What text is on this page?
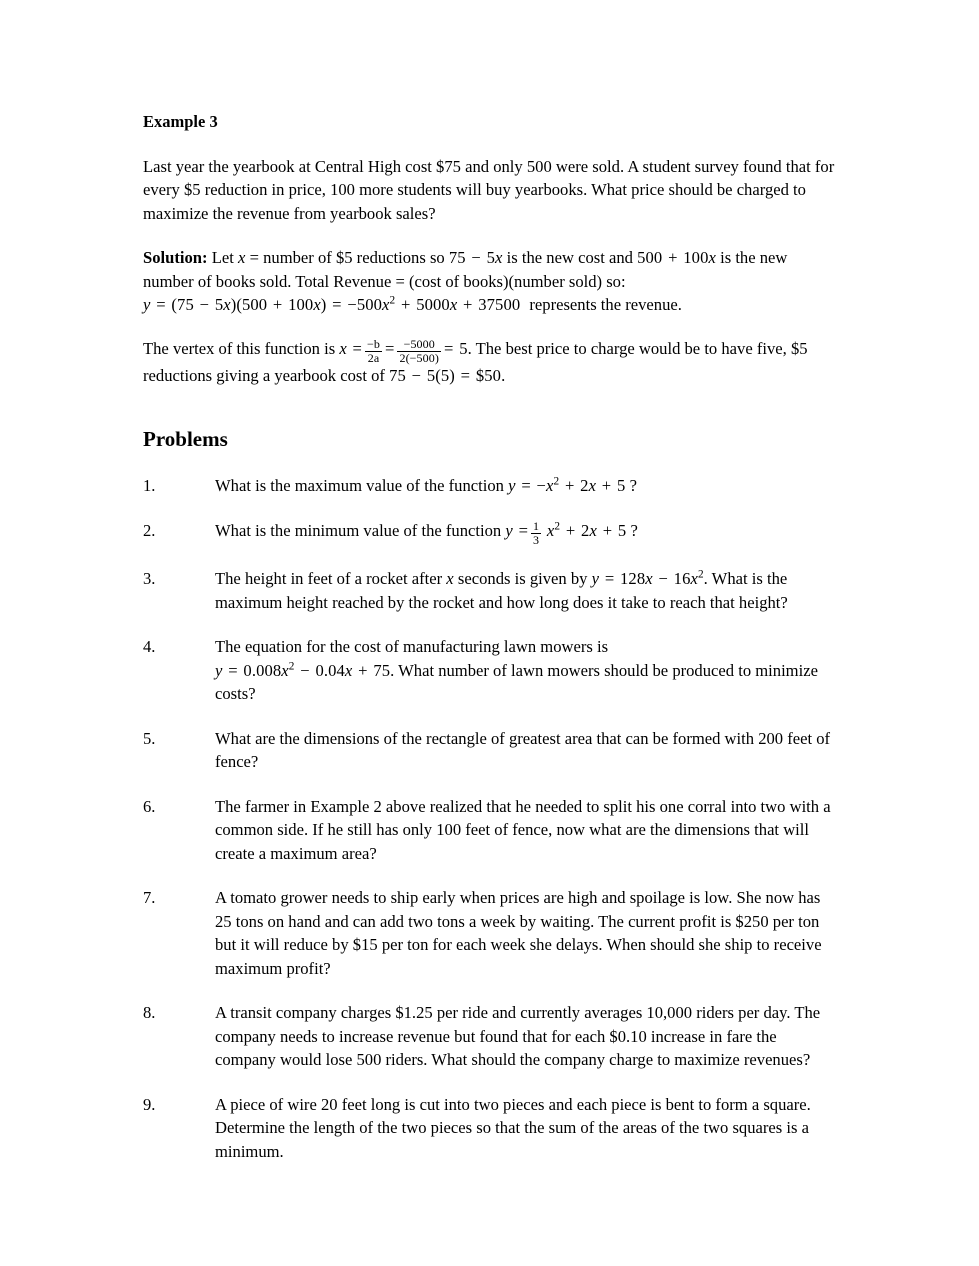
Example 3

Last year the yearbook at Central High cost $75 and only 500 were sold. A student survey found that for every $5 reduction in price, 100 more students will buy yearbooks. What price should be charged to maximize the revenue from yearbook sales?

Solution: Let x = number of $5 reductions so 75 − 5x is the new cost and 500 + 100x is the new number of books sold. Total Revenue = (cost of books)(number sold) so:
$y = (75 - 5x)(500 + 100x) = -500x^2 + 5000x + 37500$ represents the revenue.

The vertex of this function is $x = \frac{-b}{2a} = \frac{-5000}{2(-500)} = 5$. The best price to charge would be to have five, $5 reductions giving a yearbook cost of 75 − 5(5) = $50.

Problems
1.	What is the maximum value of the function $y = -x^2 + 2x + 5$ ?
2.	What is the minimum value of the function $y = \frac{1}{3} x^2 + 2x + 5$ ?
3.	The height in feet of a rocket after x seconds is given by $y = 128x - 16x^2$. What is the maximum height reached by the rocket and how long does it take to reach that height?
4.	The equation for the cost of manufacturing lawn mowers is
$y = 0.008x^2 - 0.04x + 75$. What number of lawn mowers should be produced to minimize costs?
5.	What are the dimensions of the rectangle of greatest area that can be formed with 200 feet of fence?
6.	The farmer in Example 2 above realized that he needed to split his one corral into two with a common side. If he still has only 100 feet of fence, now what are the dimensions that will create a maximum area?
7.	A tomato grower needs to ship early when prices are high and spoilage is low. She now has 25 tons on hand and can add two tons a week by waiting. The current profit is $250 per ton but it will reduce by $15 per ton for each week she delays. When should she ship to receive maximum profit?
8.	A transit company charges $1.25 per ride and currently averages 10,000 riders per day. The company needs to increase revenue but found that for each $0.10 increase in fare the company would lose 500 riders. What should the company charge to maximize revenues?
9.	A piece of wire 20 feet long is cut into two pieces and each piece is bent to form a square. Determine the length of the two pieces so that the sum of the areas of the two squares is a minimum.
